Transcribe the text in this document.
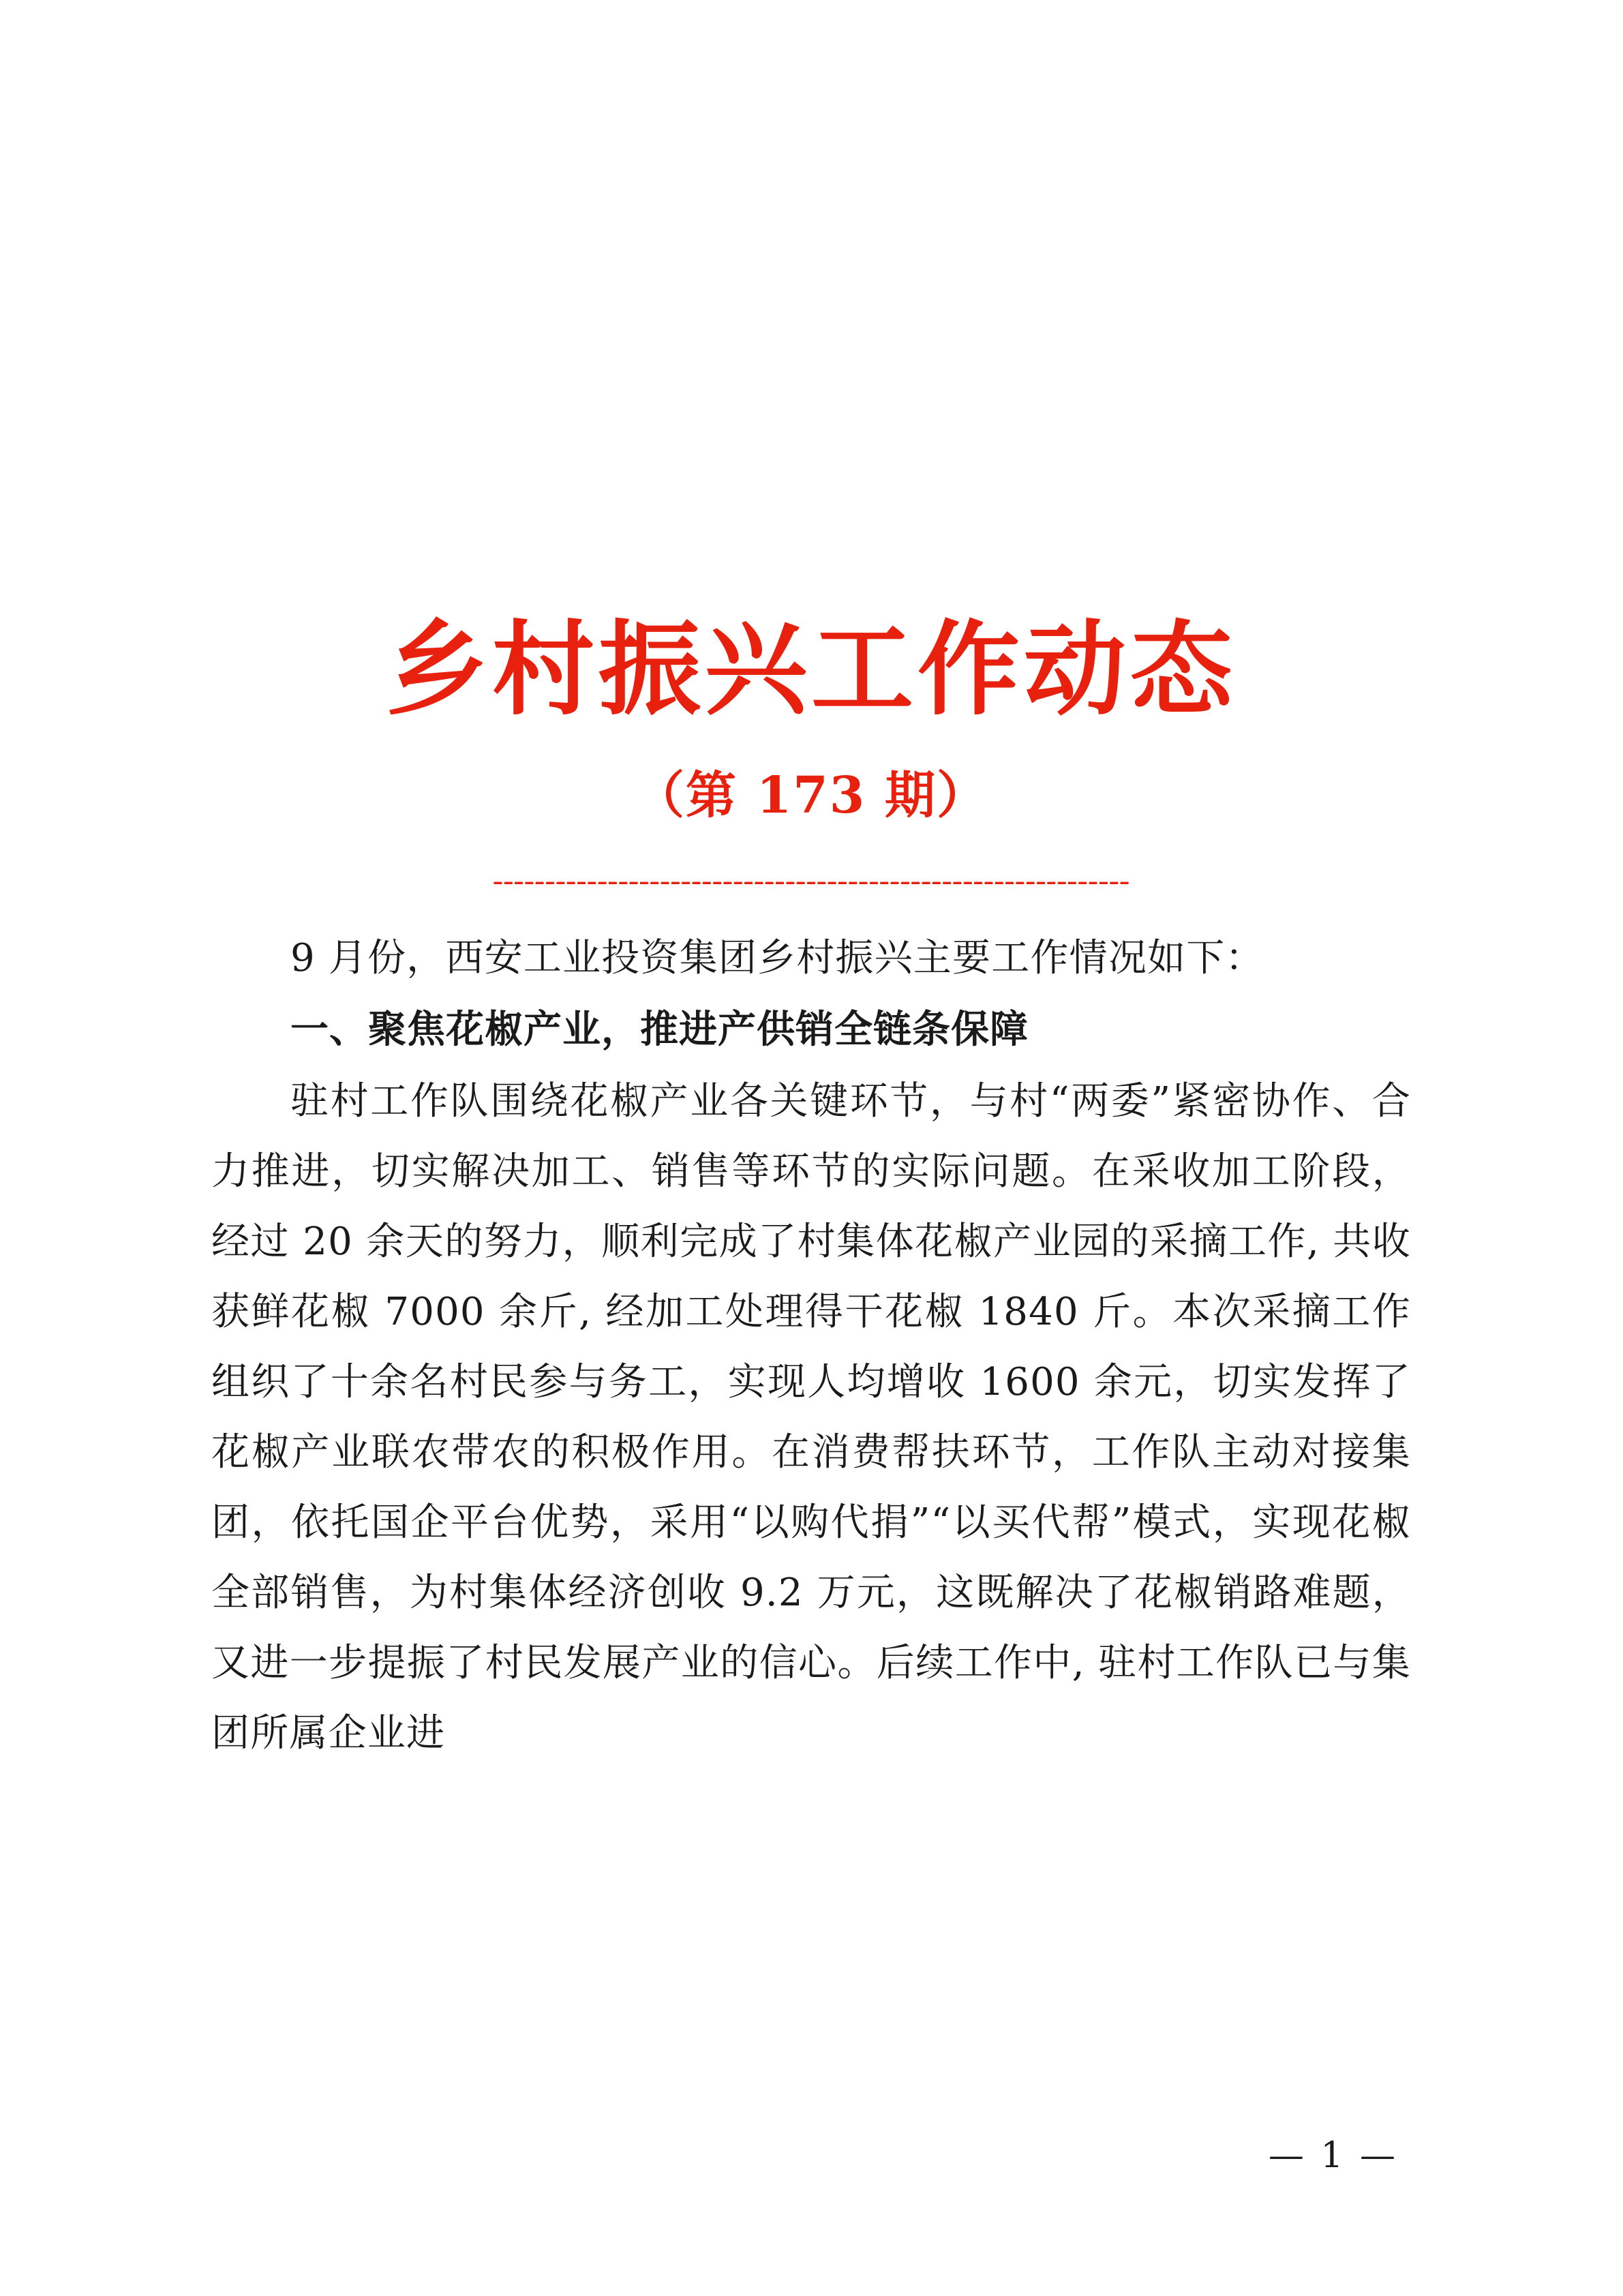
乡村振兴工作动态
（第 173 期）
-------------------------------------------------------------

9 月份，西安工业投资集团乡村振兴主要工作情况如下：

一、聚焦花椒产业，推进产供销全链条保障

驻村工作队围绕花椒产业各关键环节，与村“两委”紧密协作、合力推进，切实解决加工、销售等环节的实际问题。在采收加工阶段，经过 20 余天的努力，顺利完成了村集体花椒产业园的采摘工作, 共收获鲜花椒 7000 余斤, 经加工处理得干花椒 1840 斤。本次采摘工作组织了十余名村民参与务工，实现人均增收 1600 余元，切实发挥了花椒产业联农带农的积极作用。在消费帮扶环节，工作队主动对接集团，依托国企平台优势，采用“以购代捐”“以买代帮”模式，实现花椒全部销售，为村集体经济创收 9.2 万元，这既解决了花椒销路难题，又进一步提振了村民发展产业的信心。后续工作中, 驻村工作队已与集团所属企业进

— 1 —
